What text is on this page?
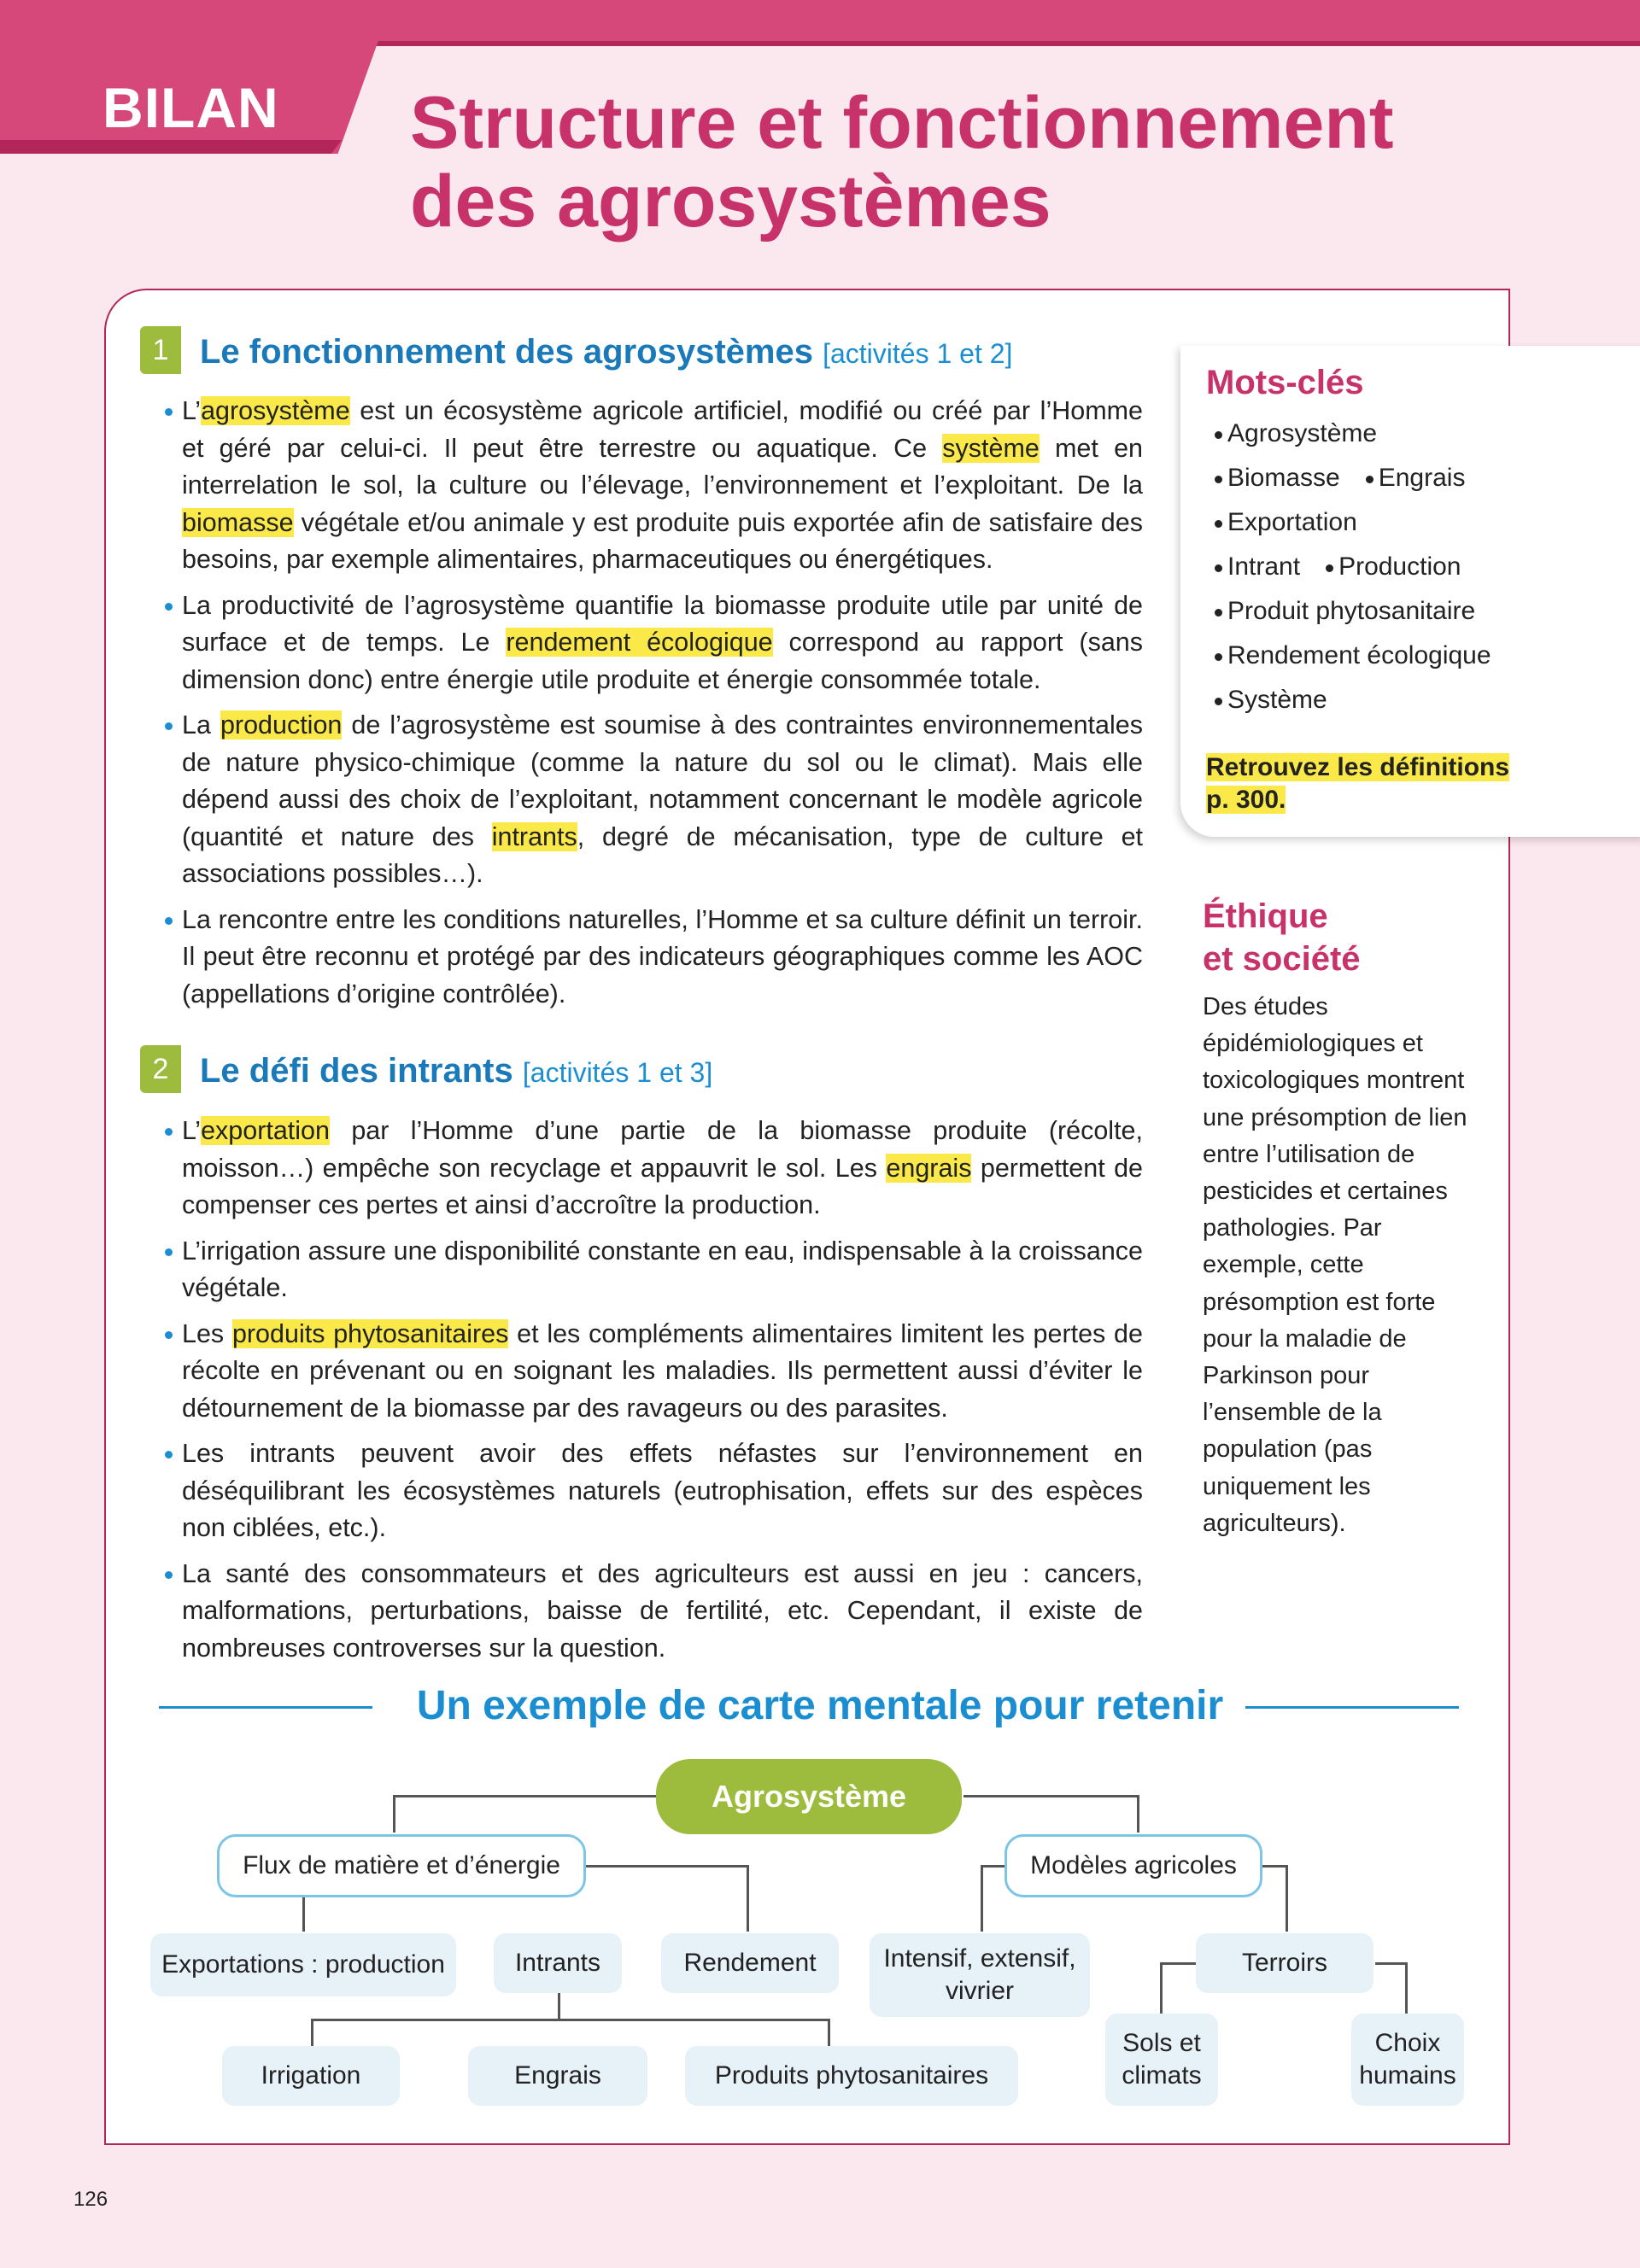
BILAN Structure et fonctionnement
des agrosystèmes
1 Le fonctionnement des agrosystèmes [activités 1 et 2]
L’agrosystème est un écosystème agricole artificiel, modifié ou créé par l’Homme et géré par celui-ci. Il peut être terrestre ou aquatique. Ce système met en interrelation le sol, la culture ou l’élevage, l’environnement et l’exploitant. De la biomasse végétale et/ou animale y est produite puis exportée afin de satisfaire des besoins, par exemple alimentaires, pharmaceutiques ou énergétiques.
La productivité de l’agrosystème quantifie la biomasse produite utile par unité de surface et de temps. Le rendement écologique correspond au rapport (sans dimension donc) entre énergie utile produite et énergie consommée totale.
La production de l’agrosystème est soumise à des contraintes environnementales de nature physico-chimique (comme la nature du sol ou le climat). Mais elle dépend aussi des choix de l’exploitant, notamment concernant le modèle agricole (quantité et nature des intrants, degré de mécanisation, type de culture et associations possibles…).
La rencontre entre les conditions naturelles, l’Homme et sa culture définit un terroir. Il peut être reconnu et protégé par des indicateurs géographiques comme les AOC (appellations d’origine contrôlée).
2 Le défi des intrants [activités 1 et 3]
L’exportation par l’Homme d’une partie de la biomasse produite (récolte, moisson…) empêche son recyclage et appauvrit le sol. Les engrais permettent de compenser ces pertes et ainsi d’accroître la production.
L’irrigation assure une disponibilité constante en eau, indispensable à la croissance végétale.
Les produits phytosanitaires et les compléments alimentaires limitent les pertes de récolte en prévenant ou en soignant les maladies. Ils permettent aussi d’éviter le détournement de la biomasse par des ravageurs ou des parasites.
Les intrants peuvent avoir des effets néfastes sur l’environnement en déséquilibrant les écosystèmes naturels (eutrophisation, effets sur des espèces non ciblées, etc.).
La santé des consommateurs et des agriculteurs est aussi en jeu : cancers, malformations, perturbations, baisse de fertilité, etc. Cependant, il existe de nombreuses controverses sur la question.
Mots-clés
Agrosystème
Biomasse Engrais
Exportation
Intrant Production
Produit phytosanitaire
Rendement écologique
Système
Retrouvez les définitions
p. 300.
Éthique
et société
Des études épidémiologiques et toxicologiques montrent une présomption de lien entre l’utilisation de pesticides et certaines pathologies. Par exemple, cette présomption est forte pour la maladie de Parkinson pour l’ensemble de la population (pas uniquement les agriculteurs).
Un exemple de carte mentale pour retenir
Agrosystème
Flux de matière et d’énergie	Modèles agricoles
Exportations : production	Intrants	Rendement	Intensif, extensif,
vivrier
Terroirs
Irrigation	Engrais	Produits phytosanitaires
Sols et
climats
Choix
humains
126
